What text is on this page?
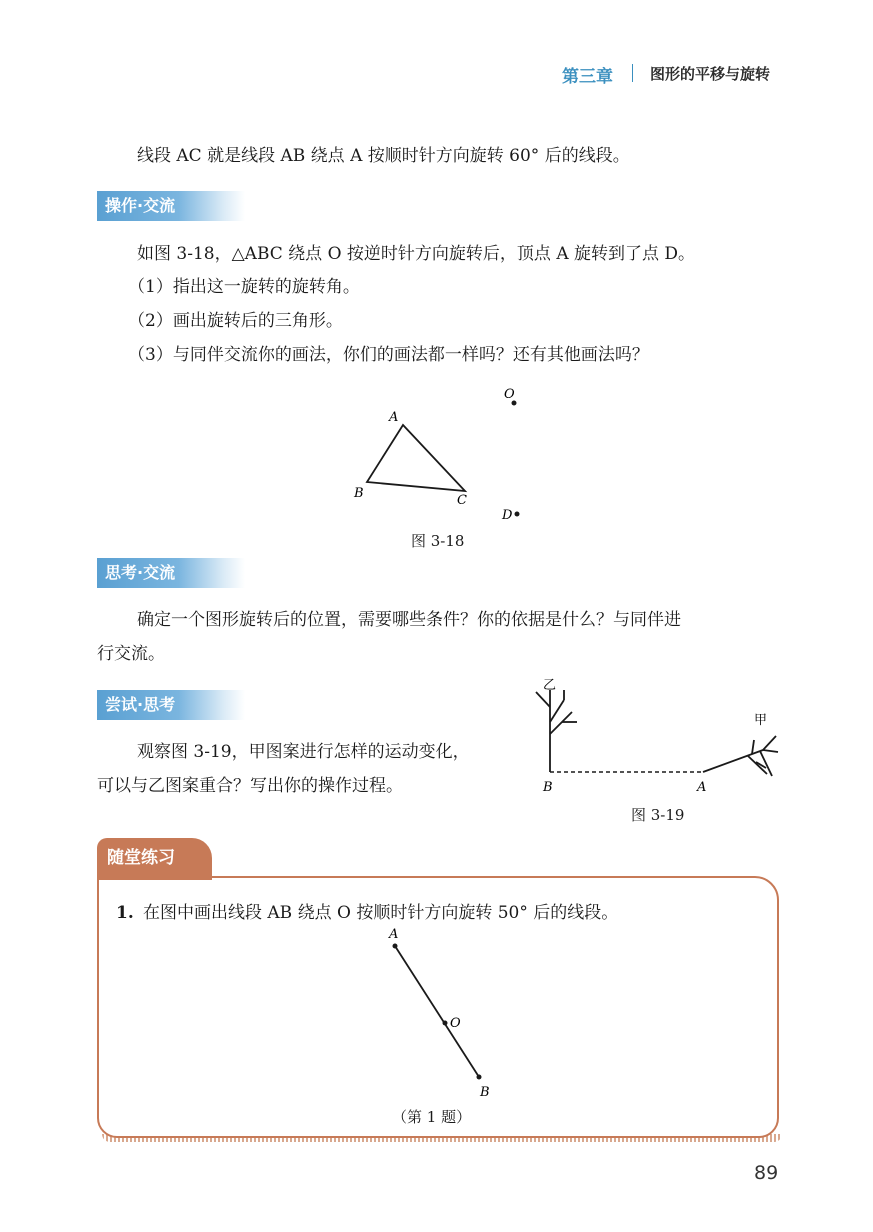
第三章 图形的平移与旋转
线段 AC 就是线段 AB 绕点 A 按顺时针方向旋转 60° 后的线段。
操作·交流
如图 3-18，△ABC 绕点 O 按逆时针方向旋转后，顶点 A 旋转到了点 D。
（1）指出这一旋转的旋转角。
（2）画出旋转后的三角形。
（3）与同伴交流你的画法，你们的画法都一样吗？还有其他画法吗？
A
B	C
O
D
图 3-18
思考·交流
确定一个图形旋转后的位置，需要哪些条件？你的依据是什么？与同伴进
行交流。
尝试·思考
观察图 3-19，甲图案进行怎样的运动变化，
可以与乙图案重合？写出你的操作过程。
乙
甲
B	A
图 3-19
随堂练习
1. 在图中画出线段 AB 绕点 O 按顺时针方向旋转 50° 后的线段。
A
O
B
（第 1 题）
89
